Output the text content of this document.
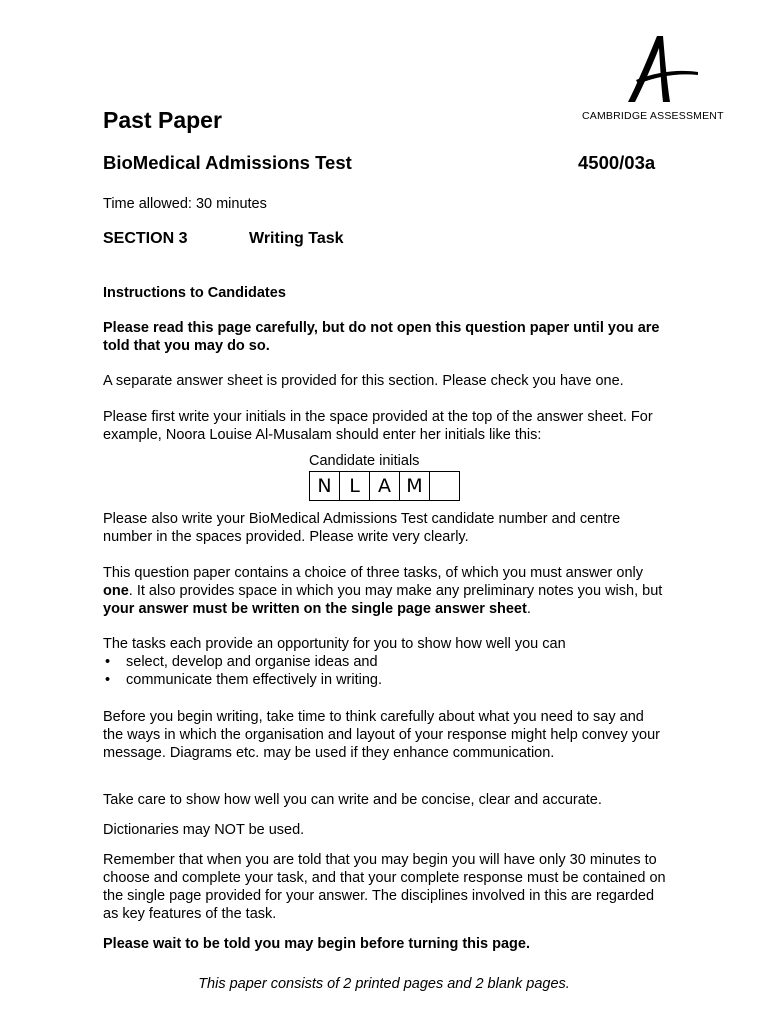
CAMBRIDGE ASSESSMENT
Past Paper
BioMedical Admissions Test	4500/03a
Time allowed: 30 minutes
SECTION 3	Writing Task

Instructions to Candidates

Please read this page carefully, but do not open this question paper until you are told that you may do so.

A separate answer sheet is provided for this section. Please check you have one.

Please first write your initials in the space provided at the top of the answer sheet. For example, Noora Louise Al-Musalam should enter her initials like this:

Candidate initials
N L A M

Please also write your BioMedical Admissions Test candidate number and centre number in the spaces provided. Please write very clearly.

This question paper contains a choice of three tasks, of which you must answer only one. It also provides space in which you may make any preliminary notes you wish, but your answer must be written on the single page answer sheet.

The tasks each provide an opportunity for you to show how well you can

• select, develop and organise ideas and
• communicate them effectively in writing.

Before you begin writing, take time to think carefully about what you need to say and the ways in which the organisation and layout of your response might help convey your message. Diagrams etc. may be used if they enhance communication.

Take care to show how well you can write and be concise, clear and accurate.

Dictionaries may NOT be used.

Remember that when you are told that you may begin you will have only 30 minutes to choose and complete your task, and that your complete response must be contained on the single page provided for your answer. The disciplines involved in this are regarded as key features of the task.

Please wait to be told you may begin before turning this page.

This paper consists of 2 printed pages and 2 blank pages.
